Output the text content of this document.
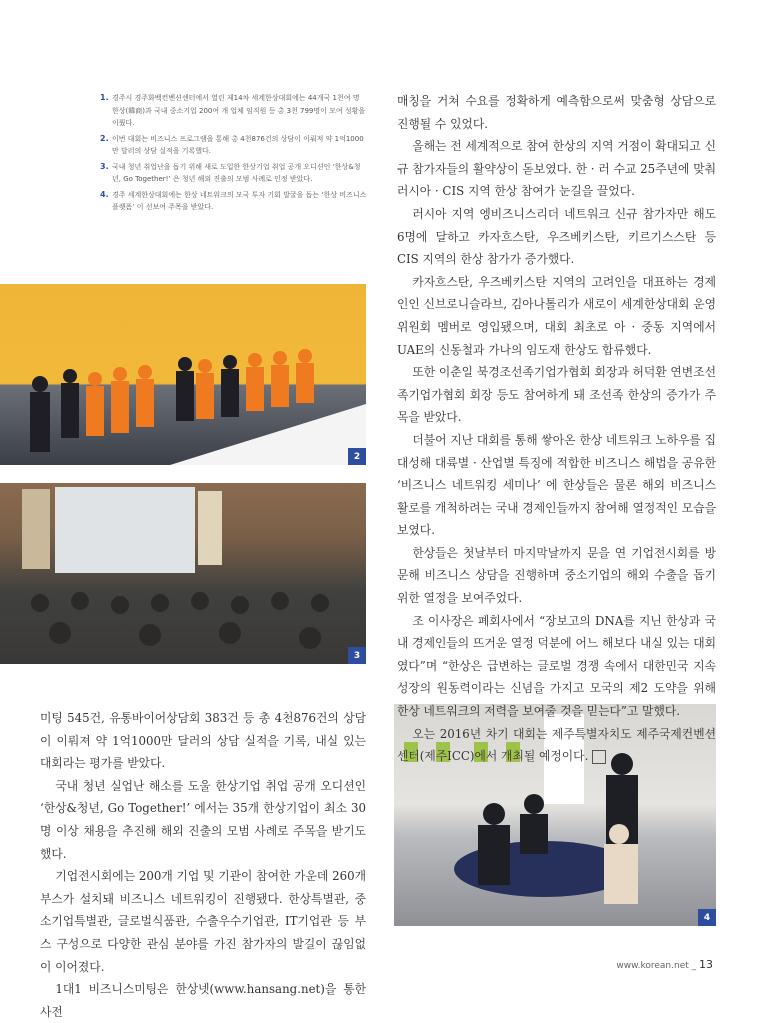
1. 경주시 경주화백컨벤션센터에서 열린 제14차 세계한상대회에는 44개국 1천여 명 한상(韓商)과 국내 중소기업 200여 개 업체 임직원 등 총 3천 799명이 모여 성황을 이뤘다.
2. 이번 대회는 비즈니스 프로그램을 통해 총 4천876건의 상담이 이뤄져 약 1억1000만 달러의 상담 실적을 기록했다.
3. 국내 청년 취업난을 돕기 위해 새로 도입한 한상기업 취업 공개 오디션인 ‘한상&청년, Go Together!’ 은 청년 해외 진출의 모범 사례로 인정 받았다.
4. 경주 세계한상대회에는 한상 네트워크의 모국 투자 기회 발굴을 돕는 ‘한상 비즈니스 플랫폼’ 이 선보여 주목을 받았다.
2
3
4

매칭을 거쳐 수요를 정확하게 예측함으로써 맞춤형 상담으로 진행될 수 있었다.

올해는 전 세계적으로 참여 한상의 지역 거점이 확대되고 신규 참가자들의 활약상이 돋보였다. 한 · 러 수교 25주년에 맞춰 러시아 · CIS 지역 한상 참여가 눈길을 끌었다.

러시아 지역 엥비즈니스리더 네트워크 신규 참가자만 해도 6명에 달하고 카자흐스탄, 우즈베키스탄, 키르기스스탄 등 CIS 지역의 한상 참가가 증가했다.

카자흐스탄, 우즈베키스탄 지역의 고려인을 대표하는 경제인인 신브로니슬라브, 김아나톨리가 새로이 세계한상대회 운영위원회 멤버로 영입됐으며, 대회 최초로 아 · 중동 지역에서 UAE의 신동철과 가나의 임도재 한상도 합류했다.

또한 이춘일 북경조선족기업가협회 회장과 허덕환 연변조선족기업가협회 회장 등도 참여하게 돼 조선족 한상의 증가가 주목을 받았다.

더불어 지난 대회를 통해 쌓아온 한상 네트워크 노하우를 집대성해 대륙별 · 산업별 특징에 적합한 비즈니스 해법을 공유한 ‘비즈니스 네트워킹 세미나’ 에 한상들은 물론 해외 비즈니스 활로를 개척하려는 국내 경제인들까지 참여해 열정적인 모습을 보였다.

한상들은 첫날부터 마지막날까지 문을 연 기업전시회를 방문해 비즈니스 상담을 진행하며 중소기업의 해외 수출을 돕기 위한 열정을 보여주었다.

조 이사장은 폐회사에서 “장보고의 DNA를 지닌 한상과 국내 경제인들의 뜨거운 열정 덕분에 어느 해보다 내실 있는 대회였다”며 “한상은 급변하는 글로벌 경쟁 속에서 대한민국 지속성장의 원동력이라는 신념을 가지고 모국의 제2 도약을 위해 한상 네트워크의 저력을 보여줄 것을 믿는다”고 말했다.

오는 2016년 차기 대회는 제주특별자치도 제주국제컨벤션센터(제주ICC)에서 개최될 예정이다.

미팅 545건, 유통바이어상담회 383건 등 총 4천876건의 상담이 이뤄져 약 1억1000만 달러의 상담 실적을 기록, 내실 있는 대회라는 평가를 받았다.

국내 청년 실업난 해소를 도울 한상기업 취업 공개 오디션인 ‘한상&청년, Go Together!’ 에서는 35개 한상기업이 최소 30명 이상 채용을 추진해 해외 진출의 모범 사례로 주목을 받기도 했다.

기업전시회에는 200개 기업 및 기관이 참여한 가운데 260개 부스가 설치돼 비즈니스 네트워킹이 진행됐다. 한상특별관, 중소기업특별관, 글로벌식품관, 수출우수기업관, IT기업관 등 부스 구성으로 다양한 관심 분야를 가진 참가자의 발길이 끊임없이 이어졌다.

1대1 비즈니스미팅은 한상넷(www.hansang.net)을 통한 사전

www.korean.net _ 13
